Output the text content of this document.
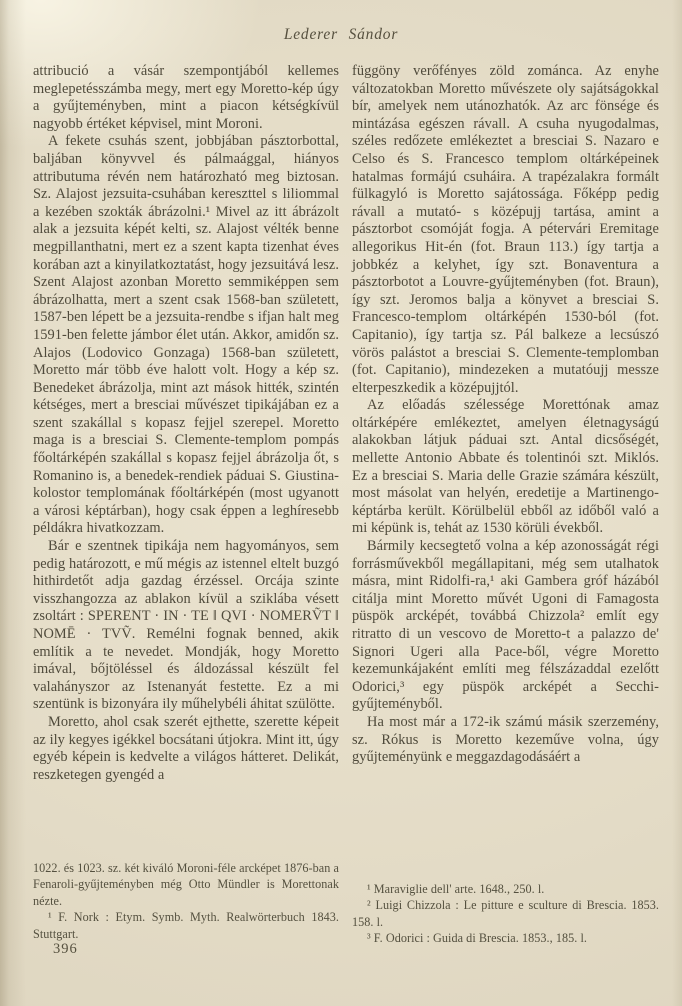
Lederer Sándor

attribució a vásár szempontjából kellemes meglepetésszámba megy, mert egy Moretto-kép úgy a gyűjteményben, mint a piacon kétségkívül nagyobb értéket képvisel, mint Moroni.

A fekete csuhás szent, jobbjában pásztorbottal, baljában könyvvel és pálmaággal, hiányos attributuma révén nem határozható meg biztosan. Sz. Alajost jezsuita-csuhában kereszttel s liliommal a kezében szokták ábrázolni.¹ Mivel az itt ábrázolt alak a jezsuita képét kelti, sz. Alajost vélték benne megpillanthatni, mert ez a szent kapta tizenhat éves korában azt a kinyilatkoztatást, hogy jezsuitává lesz. Szent Alajost azonban Moretto semmiképpen sem ábrázolhatta, mert a szent csak 1568-ban született, 1587-ben lépett be a jezsuita-rendbe s ifjan halt meg 1591-ben felette jámbor élet után. Akkor, amidőn sz. Alajos (Lodovico Gonzaga) 1568-ban született, Moretto már több éve halott volt. Hogy a kép sz. Benedeket ábrázolja, mint azt mások hitték, szintén kétséges, mert a bresciai művészet tipikájában ez a szent szakállal s kopasz fejjel szerepel. Moretto maga is a bresciai S. Clemente-templom pompás főoltárképén szakállal s kopasz fejjel ábrázolja őt, s Romanino is, a benedek-rendiek páduai S. Giustina-kolostor templomának főoltárképén (most ugyanott a városi képtárban), hogy csak éppen a leghíresebb példákra hivatkozzam.

Bár e szentnek tipikája nem hagyományos, sem pedig határozott, e mű mégis az istennel eltelt buzgó hithirdetőt adja gazdag érzéssel. Orcája szinte visszhangozza az ablakon kívül a sziklába vésett zsoltárt : SPERENT · IN · TE ‖ QVI · NOMERṼT ‖ NOMĒ · TVṼ. Remélni fognak benned, akik említik a te nevedet. Mondják, hogy Moretto imával, bőjtöléssel és áldozással készült fel valahányszor az Istenanyát festette. Ez a mi szentünk is bizonyára ily műhelybéli áhitat szülötte.

Moretto, ahol csak szerét ejthette, szerette képeit az ily kegyes igékkel bocsátani útjokra. Mint itt, úgy egyéb képein is kedvelte a világos hátteret. Delikát, reszketegen gyengéd a

1022. és 1023. sz. két kiváló Moroni-féle arcképet 1876-ban a Fenaroli-gyűjteményben még Otto Mündler is Morettonak nézte.

¹ F. Nork : Etym. Symb. Myth. Realwörterbuch 1843. Stuttgart.

396

függöny verőfényes zöld zománca. Az enyhe változatokban Moretto művészete oly sajátságokkal bír, amelyek nem utánozhatók. Az arc fönsége és mintázása egészen rávall. A csuha nyugodalmas, széles redőzete emlékeztet a bresciai S. Nazaro e Celso és S. Francesco templom oltárképeinek hatalmas formájú csuháira. A trapézalakra formált fülkagyló is Moretto sajátossága. Főképp pedig rávall a mutató- s középujj tartása, amint a pásztorbot csomóját fogja. A pétervári Eremitage allegorikus Hit-én (fot. Braun 113.) így tartja a jobbkéz a kelyhet, így szt. Bonaventura a pásztorbotot a Louvre-gyűjteményben (fot. Braun), így szt. Jeromos balja a könyvet a bresciai S. Francesco-templom oltárképén 1530-ból (fot. Capitanio), így tartja sz. Pál balkeze a lecsúszó vörös palástot a bresciai S. Clemente-templomban (fot. Capitanio), mindezeken a mutatóujj messze elterpeszkedik a középujjtól.

Az előadás szélessége Morettónak amaz oltárképére emlékeztet, amelyen életnagyságú alakokban látjuk páduai szt. Antal dicsőségét, mellette Antonio Abbate és tolentinói szt. Miklós. Ez a bresciai S. Maria delle Grazie számára készült, most másolat van helyén, eredetije a Martinengo-képtárba került. Körülbelül ebből az időből való a mi képünk is, tehát az 1530 körüli évekből.

Bármily kecsegtető volna a kép azonosságát régi forrásművekből megállapitani, még sem utalhatok másra, mint Ridolfi-ra,¹ aki Gambera gróf házából citálja mint Moretto művét Ugoni di Famagosta püspök arcképét, továbbá Chizzola² említ egy ritratto di un vescovo de Moretto-t a palazzo de' Signori Ugeri alla Pace-ből, végre Moretto kezemunkájaként említi meg félszázaddal ezelőtt Odorici,³ egy püspök arcképét a Secchi-gyűjteményből.

Ha most már a 172-ik számú másik szerzemény, sz. Rókus is Moretto kezeműve volna, úgy gyűjteményünk e meggazdagodásáért a

¹ Maraviglie dell' arte. 1648., 250. l.

² Luigi Chizzola : Le pitture e sculture di Brescia. 1853. 158. l.

³ F. Odorici : Guida di Brescia. 1853., 185. l.
